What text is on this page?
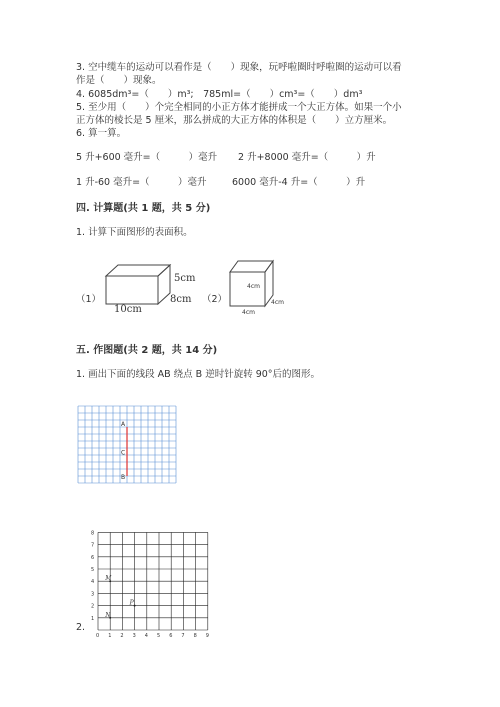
3. 空中缆车的运动可以看作是（　　）现象，玩呼啦圈时呼啦圈的运动可以看

作是（　　）现象。

4. 6085dm³=（　　）m³;　785ml=（　　）cm³=（　　）dm³

5. 至少用（　　）个完全相同的小正方体才能拼成一个大正方体。如果一个小

正方体的棱长是 5 厘米，那么拼成的大正方体的体积是（　　）立方厘米。

6. 算一算。

5 升+600 毫升=（　　　）毫升 2 升+8000 毫升=（　　　）升

1 升-60 毫升=（　　　）毫升	6000 毫升-4 升=（　　　）升

四. 计算题(共 1 题，共 5 分)

1. 计算下面图形的表面积。

（1）

5cm

8cm

10cm

（2）

4cm

4cm

4cm

五. 作图题(共 2 题，共 14 分)

1. 画出下面的线段 AB 绕点 B 逆时针旋转 90°后的图形。

A
C
B
0 1 2 3 4 5 6 7 8 9
1
2
3
4
5
6
7
8
M
P
N

2.
